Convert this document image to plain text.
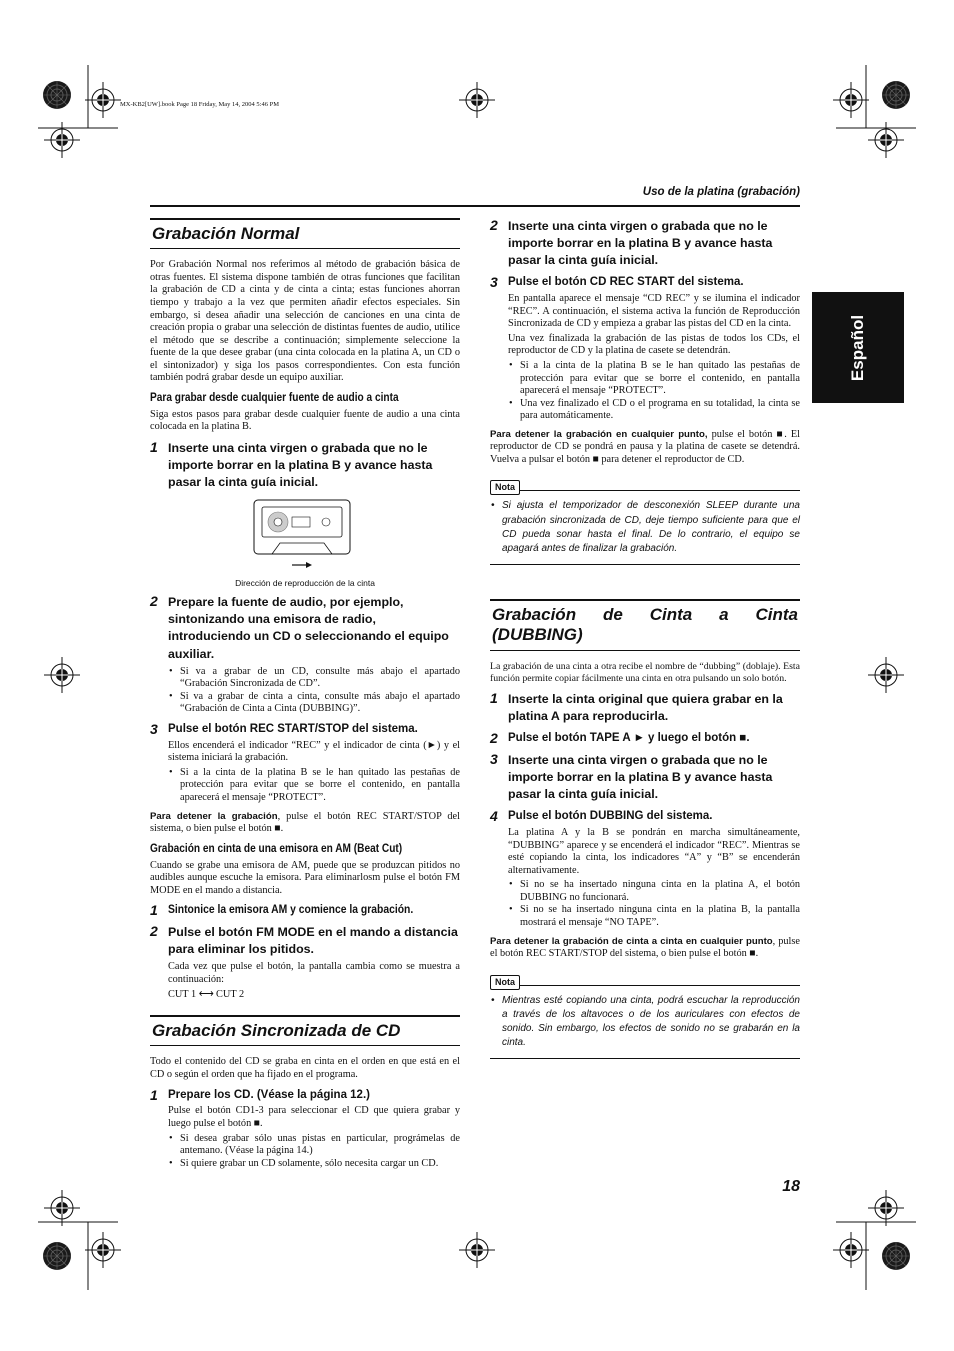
MX-KB2[UW].book Page 18 Friday, May 14, 2004 5:46 PM
Uso de la platina (grabación)
Español
Grabación Normal

Por Grabación Normal nos referimos al método de grabación básica de otras fuentes. El sistema dispone también de otras funciones que facilitan la grabación de CD a cinta y de cinta a cinta; estas funciones ahorran tiempo y trabajo a la vez que permiten añadir efectos especiales. Sin embargo, si desea añadir una selección de canciones en una cinta de creación propia o grabar una selección de distintas fuentes de audio, utilice el método que se describe a continuación; simplemente seleccione la fuente de la que desee grabar (una cinta colocada en la platina A, un CD o el sintonizador) y siga los pasos correspondientes. Con esta función también podrá grabar desde un equipo auxiliar.

Para grabar desde cualquier fuente de audio a cinta

Siga estos pasos para grabar desde cualquier fuente de audio a una cinta colocada en la platina B.

1 Inserte una cinta virgen o grabada que no le importe borrar en la platina B y avance hasta pasar la cinta guía inicial.
Dirección de reproducción de la cinta
2 Prepare la fuente de audio, por ejemplo, sintonizando una emisora de radio, introduciendo un CD o seleccionando el equipo auxiliar.
• Si va a grabar de un CD, consulte más abajo el apartado “Grabación Sincronizada de CD”.
• Si va a grabar de cinta a cinta, consulte más abajo el apartado “Grabación de Cinta a Cinta (DUBBING)”.
3 Pulse el botón REC START/STOP del sistema.

Ellos encenderá el indicador “REC” y el indicador de cinta (►) y el sistema iniciará la grabación.

• Si a la cinta de la platina B se le han quitado las pestañas de protección para evitar que se borre el contenido, en pantalla aparecerá el mensaje “PROTECT”.

Para detener la grabación, pulse el botón REC START/STOP del sistema, o bien pulse el botón ■.

Grabación en cinta de una emisora en AM (Beat Cut)

Cuando se grabe una emisora de AM, puede que se produzcan pitidos no audibles aunque escuche la emisora. Para eliminarlosm pulse el botón FM MODE en el mando a distancia.

1 Sintonice la emisora AM y comience la grabación.
2 Pulse el botón FM MODE en el mando a distancia para eliminar los pitidos.

Cada vez que pulse el botón, la pantalla cambia como se muestra a continuación:

CUT 1 ⟷ CUT 2

Grabación Sincronizada de CD

Todo el contenido del CD se graba en cinta en el orden en que está en el CD o según el orden que ha fijado en el programa.

1 Prepare los CD. (Véase la página 12.)

Pulse el botón CD1-3 para seleccionar el CD que quiera grabar y luego pulse el botón ■.

• Si desea grabar sólo unas pistas en particular, prográmelas de antemano. (Véase la página 14.)
• Si quiere grabar un CD solamente, sólo necesita cargar un CD.
2 Inserte una cinta virgen o grabada que no le importe borrar en la platina B y avance hasta pasar la cinta guía inicial.
3 Pulse el botón CD REC START del sistema.

En pantalla aparece el mensaje “CD REC” y se ilumina el indicador “REC”. A continuación, el sistema activa la función de Reproducción Sincronizada de CD y empieza a grabar las pistas del CD en la cinta.

Una vez finalizada la grabación de las pistas de todos los CDs, el reproductor de CD y la platina de casete se detendrán.

• Si a la cinta de la platina B se le han quitado las pestañas de protección para evitar que se borre el contenido, en pantalla aparecerá el mensaje “PROTECT”.
• Una vez finalizado el CD o el programa en su totalidad, la cinta se para automáticamente.

Para detener la grabación en cualquier punto, pulse el botón ■. El reproductor de CD se pondrá en pausa y la platina de casete se detendrá. Vuelva a pulsar el botón ■ para detener el reproductor de CD.

Nota
• Si ajusta el temporizador de desconexión SLEEP durante una grabación sincronizada de CD, deje tiempo suficiente para que el CD pueda sonar hasta el final. De lo contrario, el equipo se apagará antes de finalizar la grabación.
Grabación de Cinta a Cinta (DUBBING)

La grabación de una cinta a otra recibe el nombre de “dubbing” (doblaje). Esta función permite copiar fácilmente una cinta en otra pulsando un solo botón.

1 Inserte la cinta original que quiera grabar en la platina A para reproducirla.
2 Pulse el botón TAPE A ► y luego el botón ■.
3 Inserte una cinta virgen o grabada que no le importe borrar en la platina B y avance hasta pasar la cinta guía inicial.
4 Pulse el botón DUBBING del sistema.

La platina A y la B se pondrán en marcha simultáneamente, “DUBBING” aparece y se encenderá el indicador “REC”. Mientras se esté copiando la cinta, los indicadores “A” y “B” se encenderán alternativamente.

• Si no se ha insertado ninguna cinta en la platina A, el botón DUBBING no funcionará.
• Si no se ha insertado ninguna cinta en la platina B, la pantalla mostrará el mensaje “NO TAPE”.

Para detener la grabación de cinta a cinta en cualquier punto, pulse el botón REC START/STOP del sistema, o bien pulse el botón ■.

Nota
• Mientras esté copiando una cinta, podrá escuchar la reproducción a través de los altavoces o de los auriculares con efectos de sonido. Sin embargo, los efectos de sonido no se grabarán en la cinta.
18
